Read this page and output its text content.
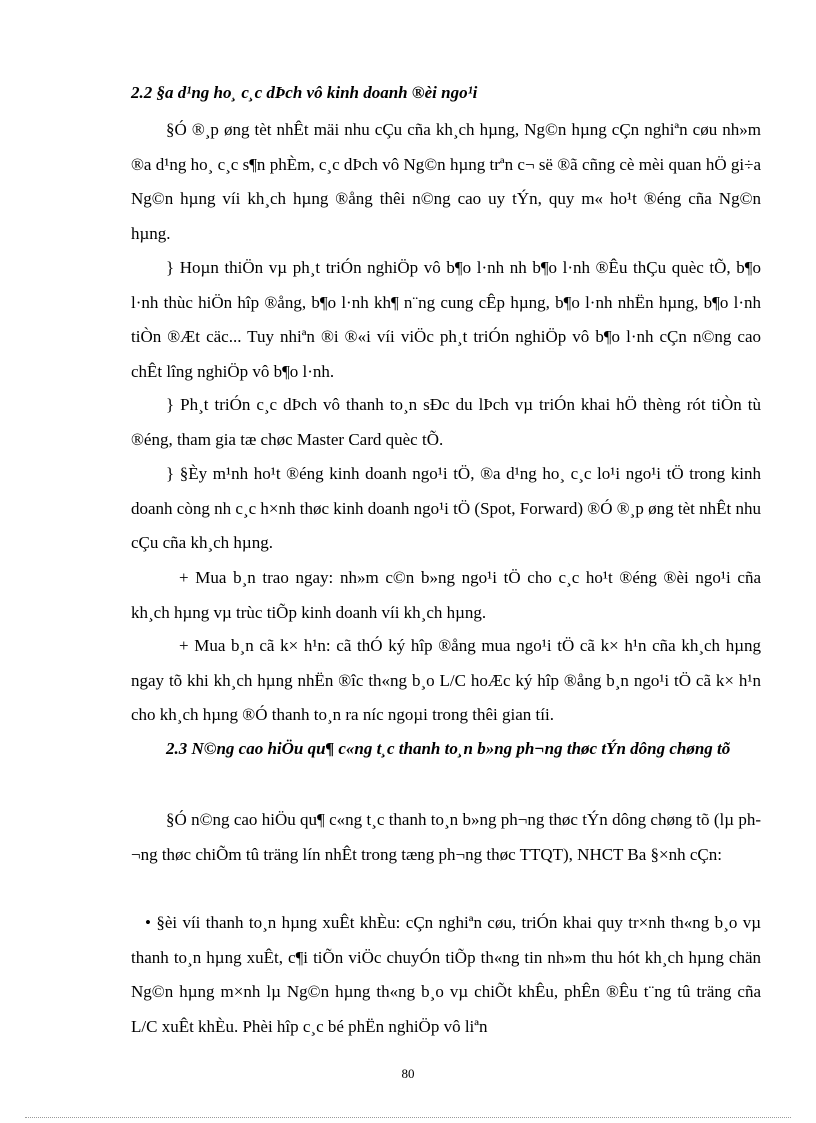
2.2 §a d¹ng ho¸ c¸c dÞch vô kinh doanh ®èi ngo¹i

§Ó ®¸p øng tèt nhÊt mäi nhu cÇu cña kh¸ch hµng, Ng©n hµng cÇn nghiªn cøu nh»m ®a d¹ng ho¸ c¸c s¶n phÈm, c¸c dÞch vô Ng©n hµng trªn c¬ së ®ã cñng cè mèi quan hÖ gi÷a Ng©n hµng víi kh¸ch hµng ®ång thêi n©ng cao uy tÝn, quy m« ho¹t ®éng cña Ng©n hµng.

} Hoµn thiÖn vµ ph¸t triÓn nghiÖp vô b¶o l·nh nh b¶o l·nh ®Êu thÇu quèc tÕ, b¶o l·nh thùc hiÖn hîp ®ång, b¶o l·nh kh¶ n¨ng cung cÊp hµng, b¶o l·nh nhËn hµng, b¶o l·nh tiÒn ®Æt cäc... Tuy nhiªn ®i ®«i víi viÖc ph¸t triÓn nghiÖp vô b¶o l·nh cÇn n©ng cao chÊt lîng nghiÖp vô b¶o l·nh.

} Ph¸t triÓn c¸c dÞch vô thanh to¸n sÐc du lÞch vµ triÓn khai hÖ thèng rót tiÒn tù ®éng, tham gia tæ chøc Master Card quèc tÕ.

} §Èy m¹nh ho¹t ®éng kinh doanh ngo¹i tÖ, ®a d¹ng ho¸ c¸c lo¹i ngo¹i tÖ trong kinh doanh còng nh c¸c h×nh thøc kinh doanh ngo¹i tÖ (Spot, Forward) ®Ó ®¸p øng tèt nhÊt nhu cÇu cña kh¸ch hµng.

+ Mua b¸n trao ngay: nh»m c©n b»ng ngo¹i tÖ cho c¸c ho¹t ®éng ®èi ngo¹i cña kh¸ch hµng vµ trùc tiÕp kinh doanh víi kh¸ch hµng.

+ Mua b¸n cã k× h¹n: cã thÓ ký hîp ®ång mua ngo¹i tÖ cã k× h¹n cña kh¸ch hµng ngay tõ khi kh¸ch hµng nhËn ®îc th«ng b¸o L/C hoÆc ký hîp ®ång b¸n ngo¹i tÖ cã k× h¹n cho kh¸ch hµng ®Ó thanh to¸n ra níc ngoµi trong thêi gian tíi.

2.3 N©ng cao hiÖu qu¶ c«ng t¸c thanh to¸n b»ng ph¬ng thøc tÝn dông chøng tõ

§Ó n©ng cao hiÖu qu¶ c«ng t¸c thanh to¸n b»ng ph¬ng thøc tÝn dông chøng tõ (lµ ph¬ng thøc chiÕm tû träng lín nhÊt trong tæng ph¬ng thøc TTQT), NHCT Ba §×nh cÇn:

• §èi víi thanh to¸n hµng xuÊt khÈu: cÇn nghiªn cøu, triÓn khai quy tr×nh th«ng b¸o vµ thanh to¸n hµng xuÊt, c¶i tiÕn viÖc chuyÓn tiÕp th«ng tin nh»m thu hót kh¸ch hµng chän Ng©n hµng m×nh lµ Ng©n hµng th«ng b¸o vµ chiÕt khÊu, phÊn ®Êu t¨ng tû träng cña L/C xuÊt khÈu. Phèi hîp c¸c bé phËn nghiÖp vô liªn

80
